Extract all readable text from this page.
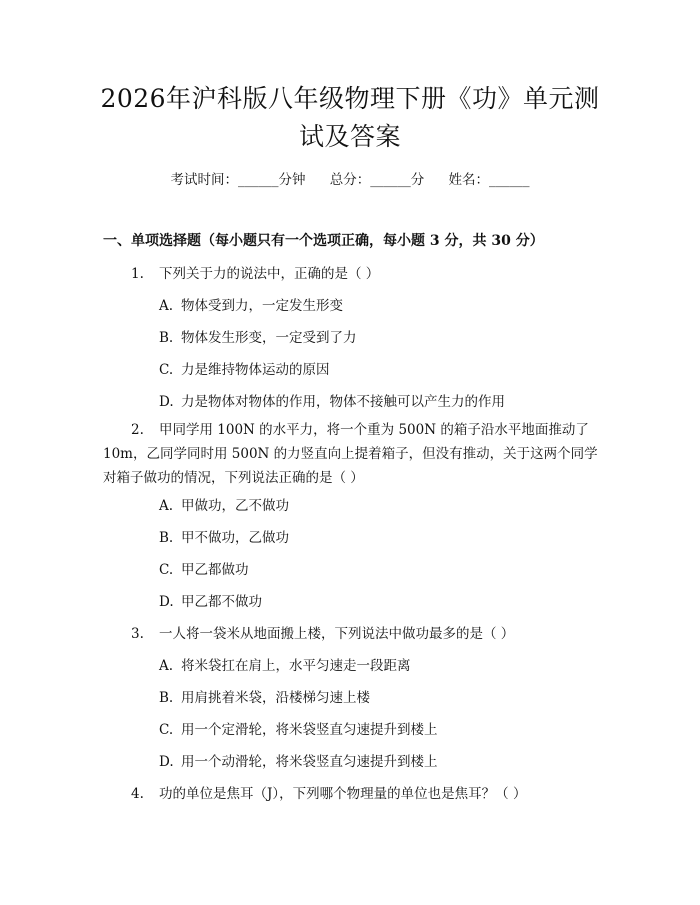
2026年沪科版八年级物理下册《功》单元测
试及答案
考试时间：______分钟 总分：______分 姓名：______
一、单项选择题（每小题只有一个选项正确，每小题 3 分，共 30 分）
1. 下列关于力的说法中，正确的是（ ）
A. 物体受到力，一定发生形变
B. 物体发生形变，一定受到了力
C. 力是维持物体运动的原因
D. 力是物体对物体的作用，物体不接触可以产生力的作用
2. 甲同学用 100N 的水平力，将一个重为 500N 的箱子沿水平地面推动了 10m，乙同学同时用 500N 的力竖直向上提着箱子，但没有推动，关于这两个同学对箱子做功的情况，下列说法正确的是（ ）
A. 甲做功，乙不做功
B. 甲不做功，乙做功
C. 甲乙都做功
D. 甲乙都不做功
3. 一人将一袋米从地面搬上楼，下列说法中做功最多的是（ ）
A. 将米袋扛在肩上，水平匀速走一段距离
B. 用肩挑着米袋，沿楼梯匀速上楼
C. 用一个定滑轮，将米袋竖直匀速提升到楼上
D. 用一个动滑轮，将米袋竖直匀速提升到楼上
4. 功的单位是焦耳（J），下列哪个物理量的单位也是焦耳？（ ）
